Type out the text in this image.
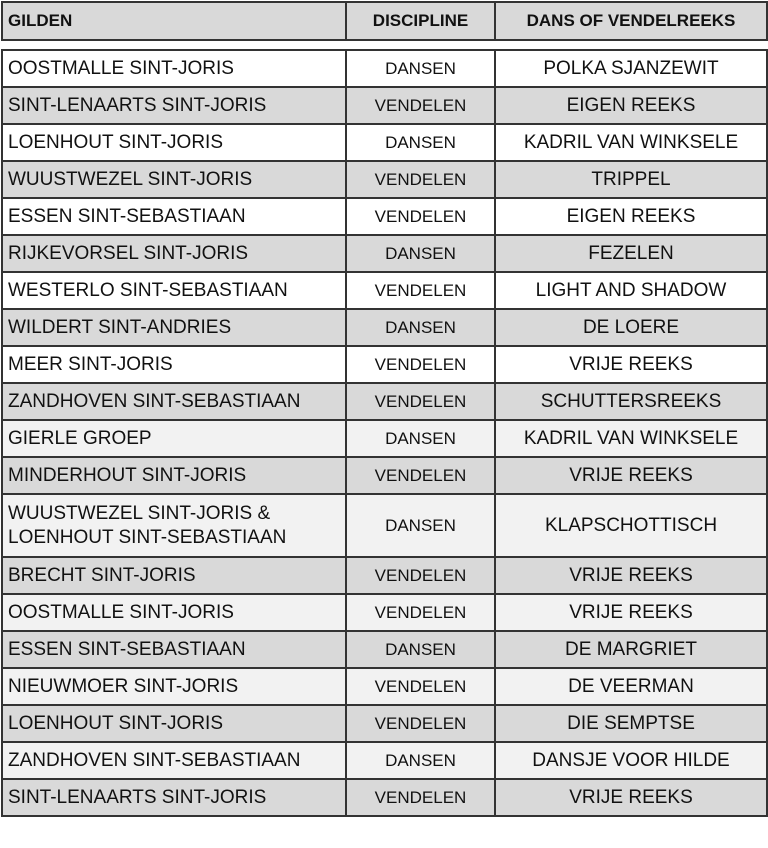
GILDEN	DISCIPLINE	DANS OF VENDELREEKS
OOSTMALLE SINT-JORIS	DANSEN	POLKA SJANZEWIT
SINT-LENAARTS SINT-JORIS	VENDELEN	EIGEN REEKS
LOENHOUT SINT-JORIS	DANSEN	KADRIL VAN WINKSELE
WUUSTWEZEL SINT-JORIS	VENDELEN	TRIPPEL
ESSEN SINT-SEBASTIAAN	VENDELEN	EIGEN REEKS
RIJKEVORSEL SINT-JORIS	DANSEN	FEZELEN
WESTERLO SINT-SEBASTIAAN	VENDELEN	LIGHT AND SHADOW
WILDERT SINT-ANDRIES	DANSEN	DE LOERE
MEER SINT-JORIS	VENDELEN	VRIJE REEKS
ZANDHOVEN SINT-SEBASTIAAN	VENDELEN	SCHUTTERSREEKS
GIERLE GROEP	DANSEN	KADRIL VAN WINKSELE
MINDERHOUT SINT-JORIS	VENDELEN	VRIJE REEKS
WUUSTWEZEL SINT-JORIS &
LOENHOUT SINT-SEBASTIAAN	DANSEN	KLAPSCHOTTISCH
BRECHT SINT-JORIS	VENDELEN	VRIJE REEKS
OOSTMALLE SINT-JORIS	VENDELEN	VRIJE REEKS
ESSEN SINT-SEBASTIAAN	DANSEN	DE MARGRIET
NIEUWMOER SINT-JORIS	VENDELEN	DE VEERMAN
LOENHOUT SINT-JORIS	VENDELEN	DIE SEMPTSE
ZANDHOVEN SINT-SEBASTIAAN	DANSEN	DANSJE VOOR HILDE
SINT-LENAARTS SINT-JORIS	VENDELEN	VRIJE REEKS
